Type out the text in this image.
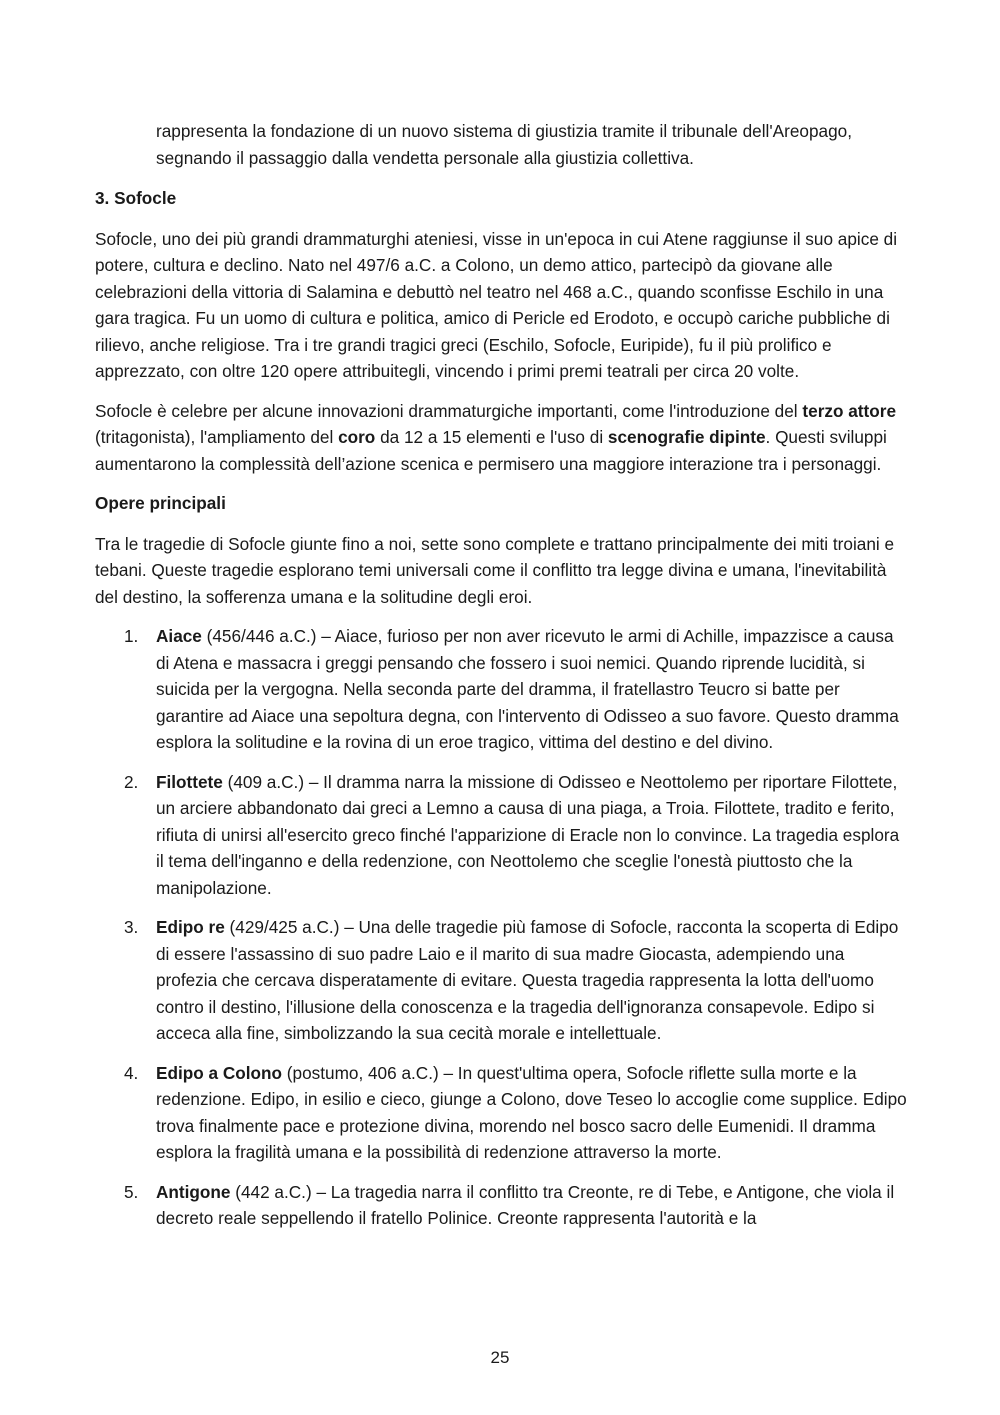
rappresenta la fondazione di un nuovo sistema di giustizia tramite il tribunale dell'Areopago, segnando il passaggio dalla vendetta personale alla giustizia collettiva.

3. Sofocle

Sofocle, uno dei più grandi drammaturghi ateniesi, visse in un'epoca in cui Atene raggiunse il suo apice di potere, cultura e declino. Nato nel 497/6 a.C. a Colono, un demo attico, partecipò da giovane alle celebrazioni della vittoria di Salamina e debuttò nel teatro nel 468 a.C., quando sconfisse Eschilo in una gara tragica. Fu un uomo di cultura e politica, amico di Pericle ed Erodoto, e occupò cariche pubbliche di rilievo, anche religiose. Tra i tre grandi tragici greci (Eschilo, Sofocle, Euripide), fu il più prolifico e apprezzato, con oltre 120 opere attribuitegli, vincendo i primi premi teatrali per circa 20 volte.

Sofocle è celebre per alcune innovazioni drammaturgiche importanti, come l'introduzione del terzo attore (tritagonista), l'ampliamento del coro da 12 a 15 elementi e l'uso di scenografie dipinte. Questi sviluppi aumentarono la complessità dell’azione scenica e permisero una maggiore interazione tra i personaggi.

Opere principali

Tra le tragedie di Sofocle giunte fino a noi, sette sono complete e trattano principalmente dei miti troiani e tebani. Queste tragedie esplorano temi universali come il conflitto tra legge divina e umana, l'inevitabilità del destino, la sofferenza umana e la solitudine degli eroi.

1. Aiace (456/446 a.C.) – Aiace, furioso per non aver ricevuto le armi di Achille, impazzisce a causa di Atena e massacra i greggi pensando che fossero i suoi nemici. Quando riprende lucidità, si suicida per la vergogna. Nella seconda parte del dramma, il fratellastro Teucro si batte per garantire ad Aiace una sepoltura degna, con l'intervento di Odisseo a suo favore. Questo dramma esplora la solitudine e la rovina di un eroe tragico, vittima del destino e del divino.
2. Filottete (409 a.C.) – Il dramma narra la missione di Odisseo e Neottolemo per riportare Filottete, un arciere abbandonato dai greci a Lemno a causa di una piaga, a Troia. Filottete, tradito e ferito, rifiuta di unirsi all'esercito greco finché l'apparizione di Eracle non lo convince. La tragedia esplora il tema dell'inganno e della redenzione, con Neottolemo che sceglie l'onestà piuttosto che la manipolazione.
3. Edipo re (429/425 a.C.) – Una delle tragedie più famose di Sofocle, racconta la scoperta di Edipo di essere l'assassino di suo padre Laio e il marito di sua madre Giocasta, adempiendo una profezia che cercava disperatamente di evitare. Questa tragedia rappresenta la lotta dell'uomo contro il destino, l'illusione della conoscenza e la tragedia dell'ignoranza consapevole. Edipo si acceca alla fine, simbolizzando la sua cecità morale e intellettuale.
4. Edipo a Colono (postumo, 406 a.C.) – In quest'ultima opera, Sofocle riflette sulla morte e la redenzione. Edipo, in esilio e cieco, giunge a Colono, dove Teseo lo accoglie come supplice. Edipo trova finalmente pace e protezione divina, morendo nel bosco sacro delle Eumenidi. Il dramma esplora la fragilità umana e la possibilità di redenzione attraverso la morte.
5. Antigone (442 a.C.) – La tragedia narra il conflitto tra Creonte, re di Tebe, e Antigone, che viola il decreto reale seppellendo il fratello Polinice. Creonte rappresenta l'autorità e la
25
